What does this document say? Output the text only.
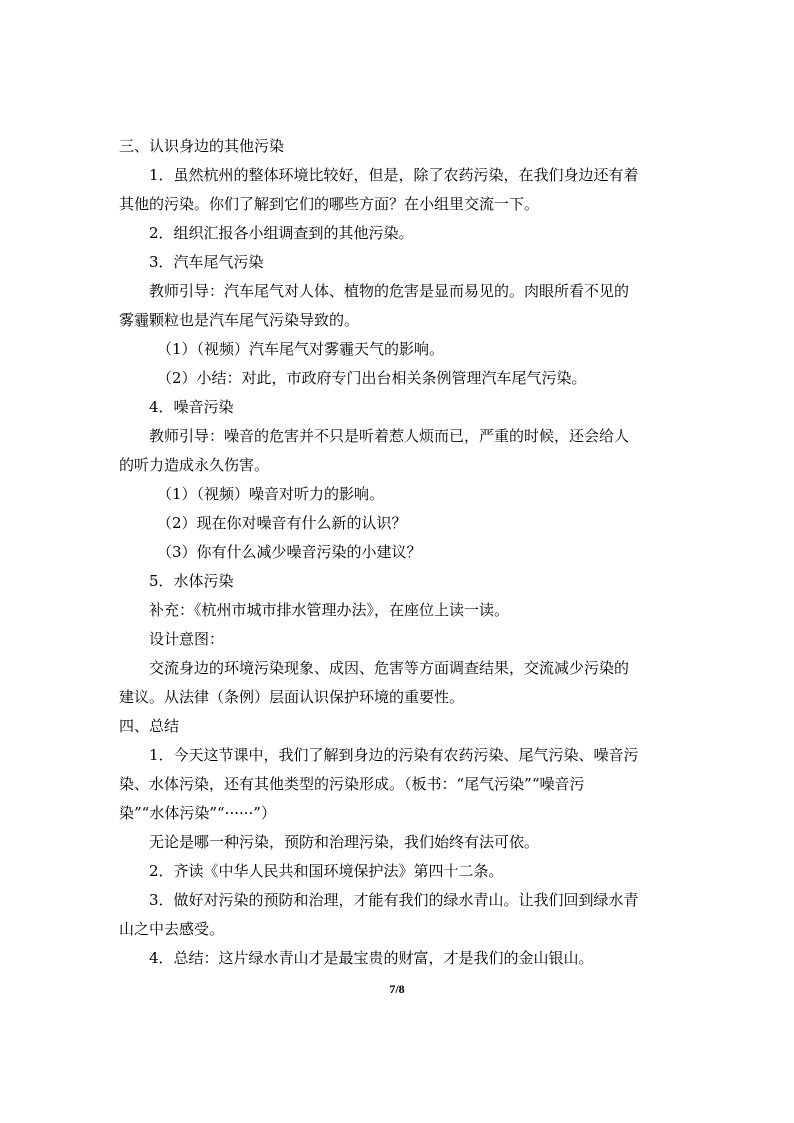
三、认识身边的其他污染
1．虽然杭州的整体环境比较好，但是，除了农药污染，在我们身边还有着
其他的污染。你们了解到它们的哪些方面？在小组里交流一下。
2．组织汇报各小组调查到的其他污染。
3．汽车尾气污染
教师引导：汽车尾气对人体、植物的危害是显而易见的。肉眼所看不见的
雾霾颗粒也是汽车尾气污染导致的。
（1）（视频）汽车尾气对雾霾天气的影响。
（2）小结：对此，市政府专门出台相关条例管理汽车尾气污染。
4．噪音污染
教师引导：噪音的危害并不只是听着惹人烦而已，严重的时候，还会给人
的听力造成永久伤害。
（1）（视频）噪音对听力的影响。
（2）现在你对噪音有什么新的认识？
（3）你有什么减少噪音污染的小建议？
5．水体污染
补充：《杭州市城市排水管理办法》，在座位上读一读。
设计意图：
交流身边的环境污染现象、成因、危害等方面调查结果，交流减少污染的
建议。从法律（条例）层面认识保护环境的重要性。
四、总结
1．今天这节课中，我们了解到身边的污染有农药污染、尾气污染、噪音污
染、水体污染，还有其他类型的污染形成。（板书：“尾气污染”“噪音污
染”“水体污染”“······”）
无论是哪一种污染，预防和治理污染，我们始终有法可依。
2．齐读《中华人民共和国环境保护法》第四十二条。
3．做好对污染的预防和治理，才能有我们的绿水青山。让我们回到绿水青
山之中去感受。
4．总结：这片绿水青山才是最宝贵的财富，才是我们的金山银山。
7/8
